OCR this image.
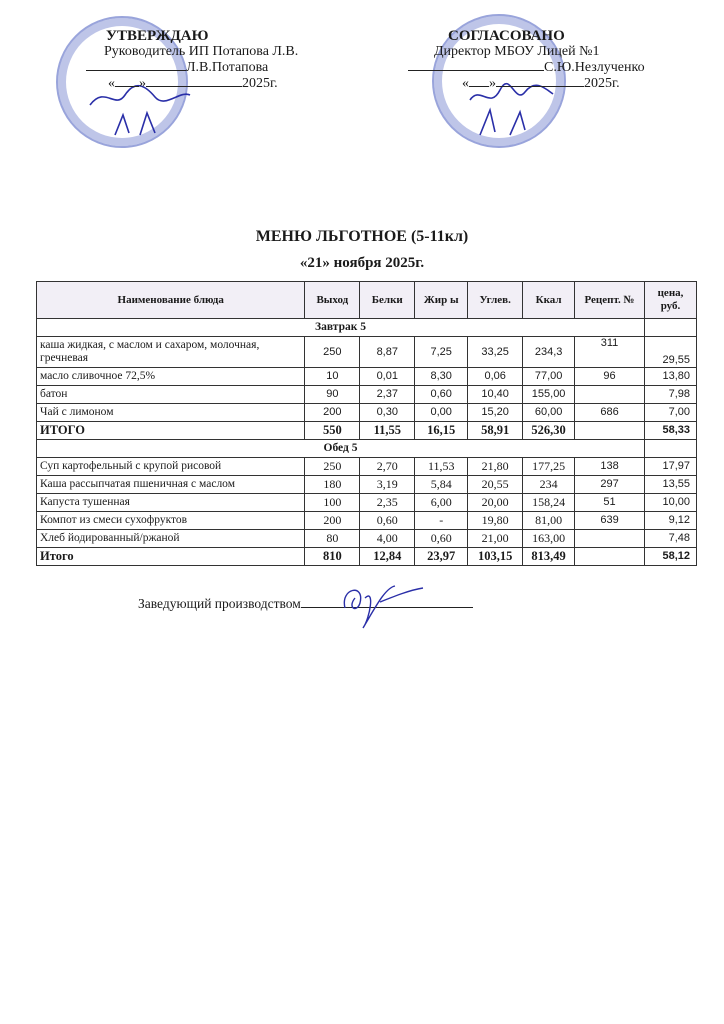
УТВЕРЖДАЮ
Руководитель ИП Потапова Л.В.
Л.В.Потапова
« »	2025г.
СОГЛАСОВАНО
Директор МБОУ Лицей №1
С.Ю.Незлученко
« »	2025г.
МЕНЮ ЛЬГОТНОЕ (5-11кл)
«21» ноября 2025г.
Наименование блюда	Выход	Белки	Жир ы	Углев.	Ккал	Рецепт. №	цена, руб.
Завтрак 5							
каша жидкая, с маслом и сахаром, молочная, гречневая	250	8,87	7,25	33,25	234,3	311	29,55
масло сливочное 72,5%	10	0,01	8,30	0,06	77,00	96	13,80
батон	90	2,37	0,60	10,40	155,00		7,98
Чай с лимоном	200	0,30	0,00	15,20	60,00	686	7,00
ИТОГО	550	11,55	16,15	58,91	526,30		58,33
Обед 5							
Суп картофельный с крупой рисовой	250	2,70	11,53	21,80	177,25	138	17,97
Каша рассыпчатая пшеничная с маслом	180	3,19	5,84	20,55	234	297	13,55
Капуста тушенная	100	2,35	6,00	20,00	158,24	51	10,00
Компот из смеси сухофруктов	200	0,60	-	19,80	81,00	639	9,12
Хлеб йодированный/ржаной	80	4,00	0,60	21,00	163,00		7,48
Итого	810	12,84	23,97	103,15	813,49		58,12
Заведующий производством
